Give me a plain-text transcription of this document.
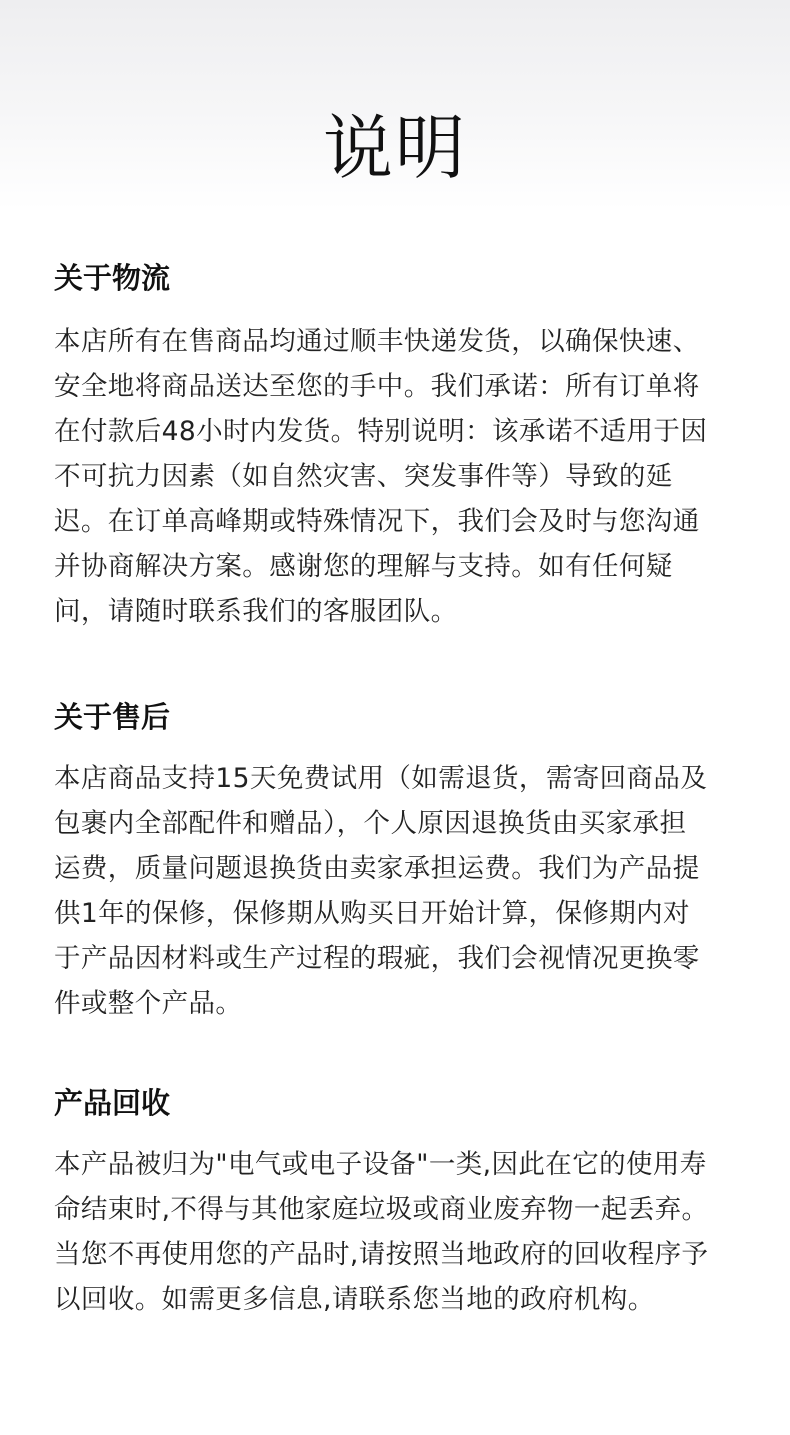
说明
关于物流

本店所有在售商品均通过顺丰快递发货，以确保快速、
安全地将商品送达至您的手中。我们承诺：所有订单将
在付款后48小时内发货。特别说明：该承诺不适用于因
不可抗力因素（如自然灾害、突发事件等）导致的延
迟。在订单高峰期或特殊情况下，我们会及时与您沟通
并协商解决方案。感谢您的理解与支持。如有任何疑
问，请随时联系我们的客服团队。

关于售后

本店商品支持15天免费试用（如需退货，需寄回商品及
包裹内全部配件和赠品），个人原因退换货由买家承担
运费，质量问题退换货由卖家承担运费。我们为产品提
供1年的保修，保修期从购买日开始计算，保修期内对
于产品因材料或生产过程的瑕疵，我们会视情况更换零
件或整个产品。

产品回收

本产品被归为"电气或电子设备"一类,因此在它的使用寿
命结束时,不得与其他家庭垃圾或商业废弃物一起丢弃。
当您不再使用您的产品时,请按照当地政府的回收程序予
以回收。如需更多信息,请联系您当地的政府机构。
